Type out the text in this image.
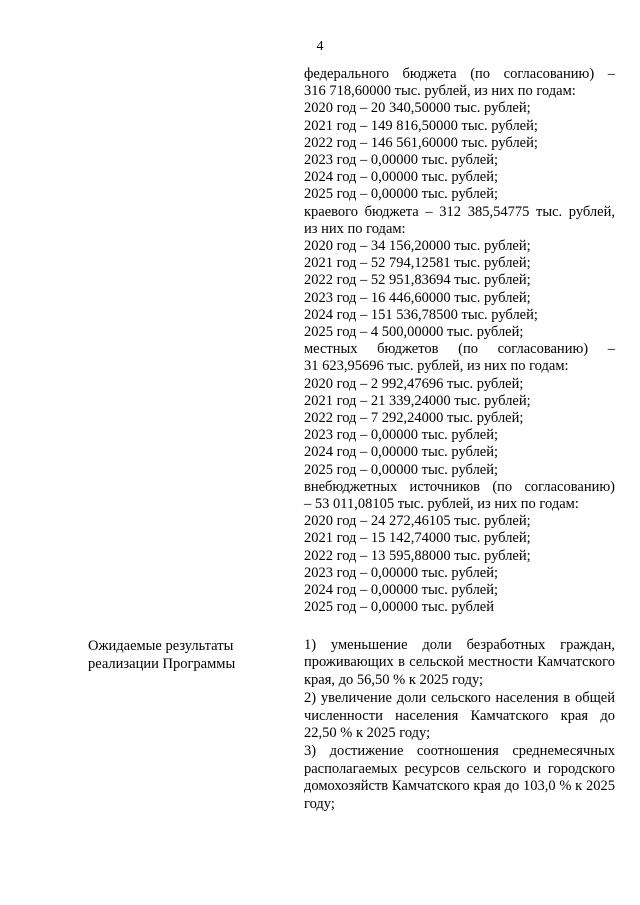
4
федерального бюджета (по согласованию) –
316 718,60000 тыс. рублей, из них по годам:
2020 год – 20 340,50000 тыс. рублей;
2021 год – 149 816,50000 тыс. рублей;
2022 год – 146 561,60000 тыс. рублей;
2023 год – 0,00000 тыс. рублей;
2024 год – 0,00000 тыс. рублей;
2025 год – 0,00000 тыс. рублей;
краевого бюджета – 312 385,54775 тыс. рублей,
из них по годам:
2020 год – 34 156,20000 тыс. рублей;
2021 год – 52 794,12581 тыс. рублей;
2022 год – 52 951,83694 тыс. рублей;
2023 год – 16 446,60000 тыс. рублей;
2024 год – 151 536,78500 тыс. рублей;
2025 год – 4 500,00000 тыс. рублей;
местных бюджетов (по согласованию) –
31 623,95696 тыс. рублей, из них по годам:
2020 год – 2 992,47696 тыс. рублей;
2021 год – 21 339,24000 тыс. рублей;
2022 год – 7 292,24000 тыс. рублей;
2023 год – 0,00000 тыс. рублей;
2024 год – 0,00000 тыс. рублей;
2025 год – 0,00000 тыс. рублей;
внебюджетных источников (по согласованию)
– 53 011,08105 тыс. рублей, из них по годам:
2020 год – 24 272,46105 тыс. рублей;
2021 год – 15 142,74000 тыс. рублей;
2022 год – 13 595,88000 тыс. рублей;
2023 год – 0,00000 тыс. рублей;
2024 год – 0,00000 тыс. рублей;
2025 год – 0,00000 тыс. рублей
Ожидаемые результаты реализации Программы

1) уменьшение доли безработных граждан, проживающих в сельской местности Камчатского края, до 56,50 % к 2025 году;

2) увеличение доли сельского населения в общей численности населения Камчатского края до 22,50 % к 2025 году;

3) достижение соотношения среднемесячных располагаемых ресурсов сельского и городского домохозяйств Камчатского края до 103,0 % к 2025 году;
